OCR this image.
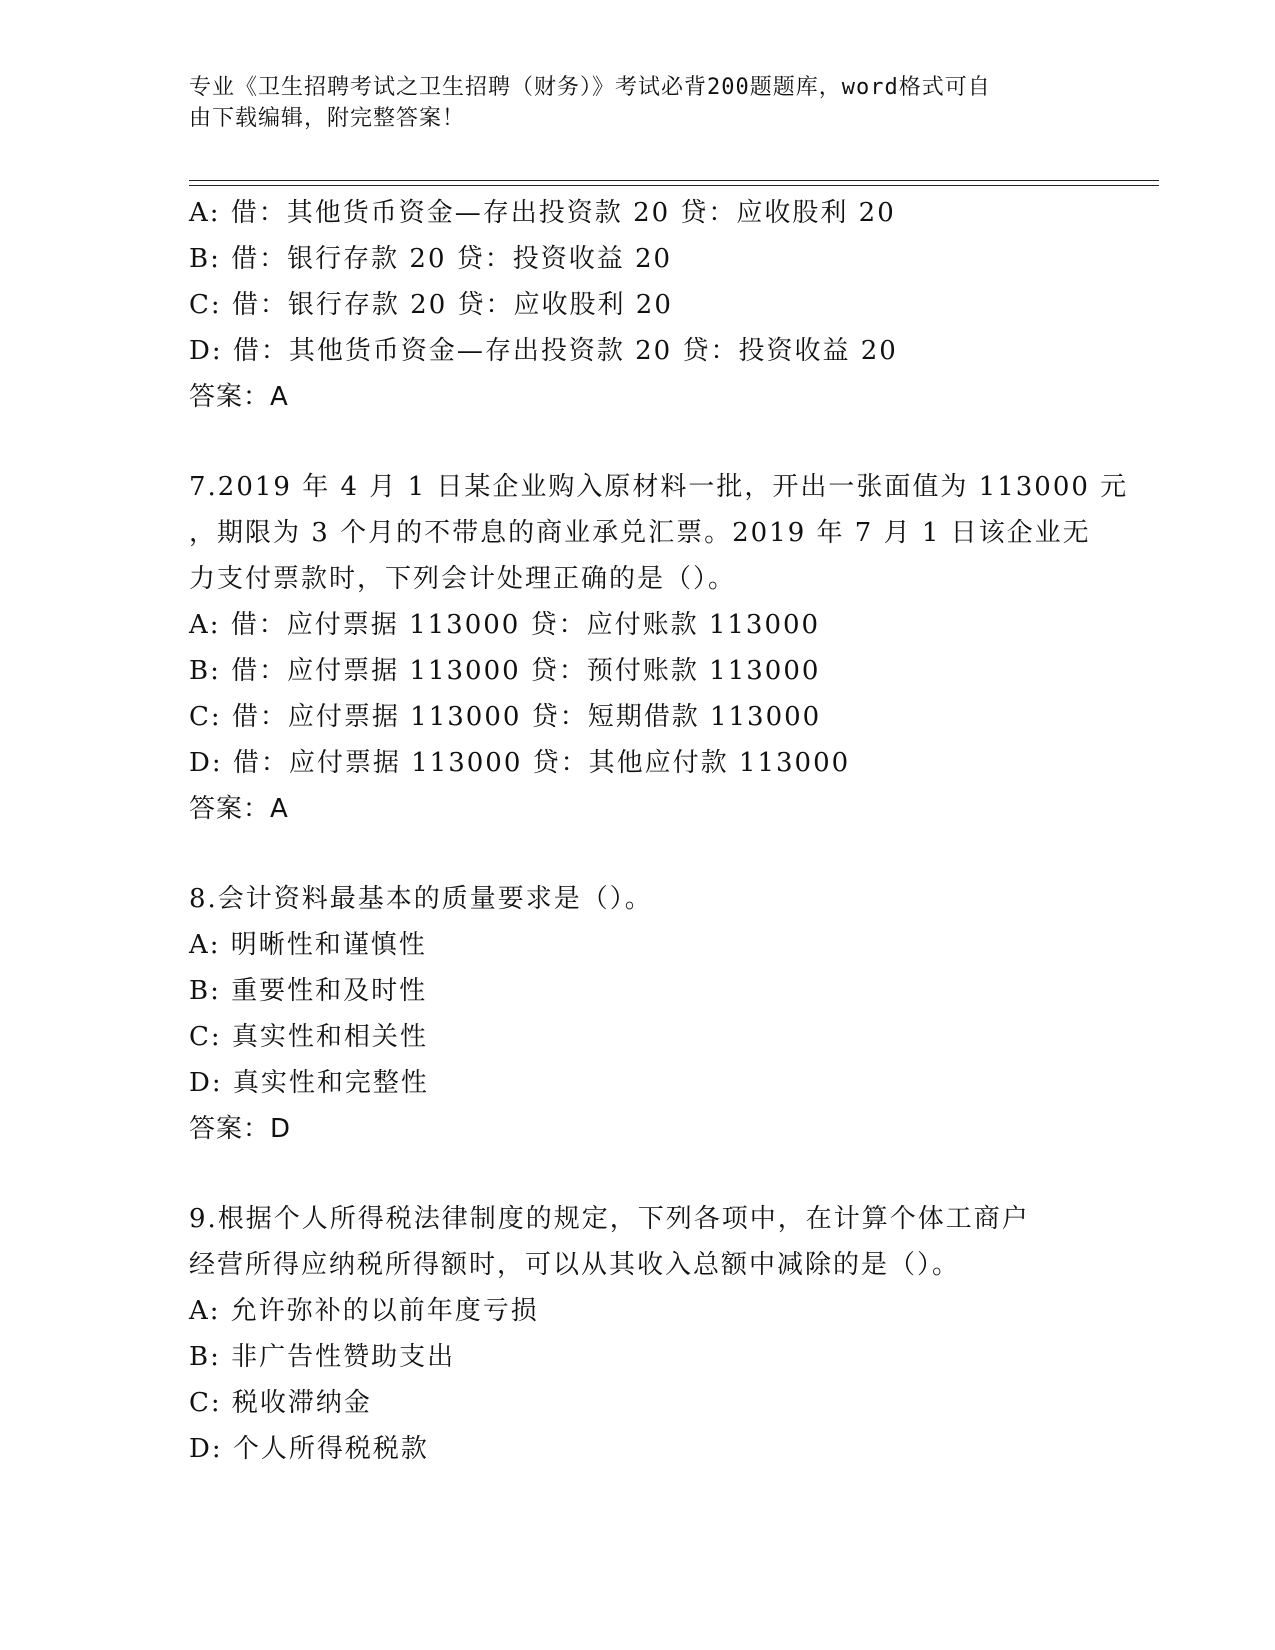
专业《卫生招聘考试之卫生招聘（财务）》考试必背200题题库，word格式可自
由下载编辑，附完整答案！
A: 借：其他货币资金—存出投资款 20 贷：应收股利 20
B: 借：银行存款 20 贷：投资收益 20
C: 借：银行存款 20 贷：应收股利 20
D: 借：其他货币资金—存出投资款 20 贷：投资收益 20
答案：A
7.2019 年 4 月 1 日某企业购入原材料一批，开出一张面值为 113000 元
，期限为 3 个月的不带息的商业承兑汇票。2019 年 7 月 1 日该企业无
力支付票款时，下列会计处理正确的是（）。
A: 借：应付票据 113000 贷：应付账款 113000
B: 借：应付票据 113000 贷：预付账款 113000
C: 借：应付票据 113000 贷：短期借款 113000
D: 借：应付票据 113000 贷：其他应付款 113000
答案：A
8.会计资料最基本的质量要求是（）。
A: 明晰性和谨慎性
B: 重要性和及时性
C: 真实性和相关性
D: 真实性和完整性
答案：D
9.根据个人所得税法律制度的规定，下列各项中，在计算个体工商户
经营所得应纳税所得额时，可以从其收入总额中减除的是（）。
A: 允许弥补的以前年度亏损
B: 非广告性赞助支出
C: 税收滞纳金
D: 个人所得税税款
